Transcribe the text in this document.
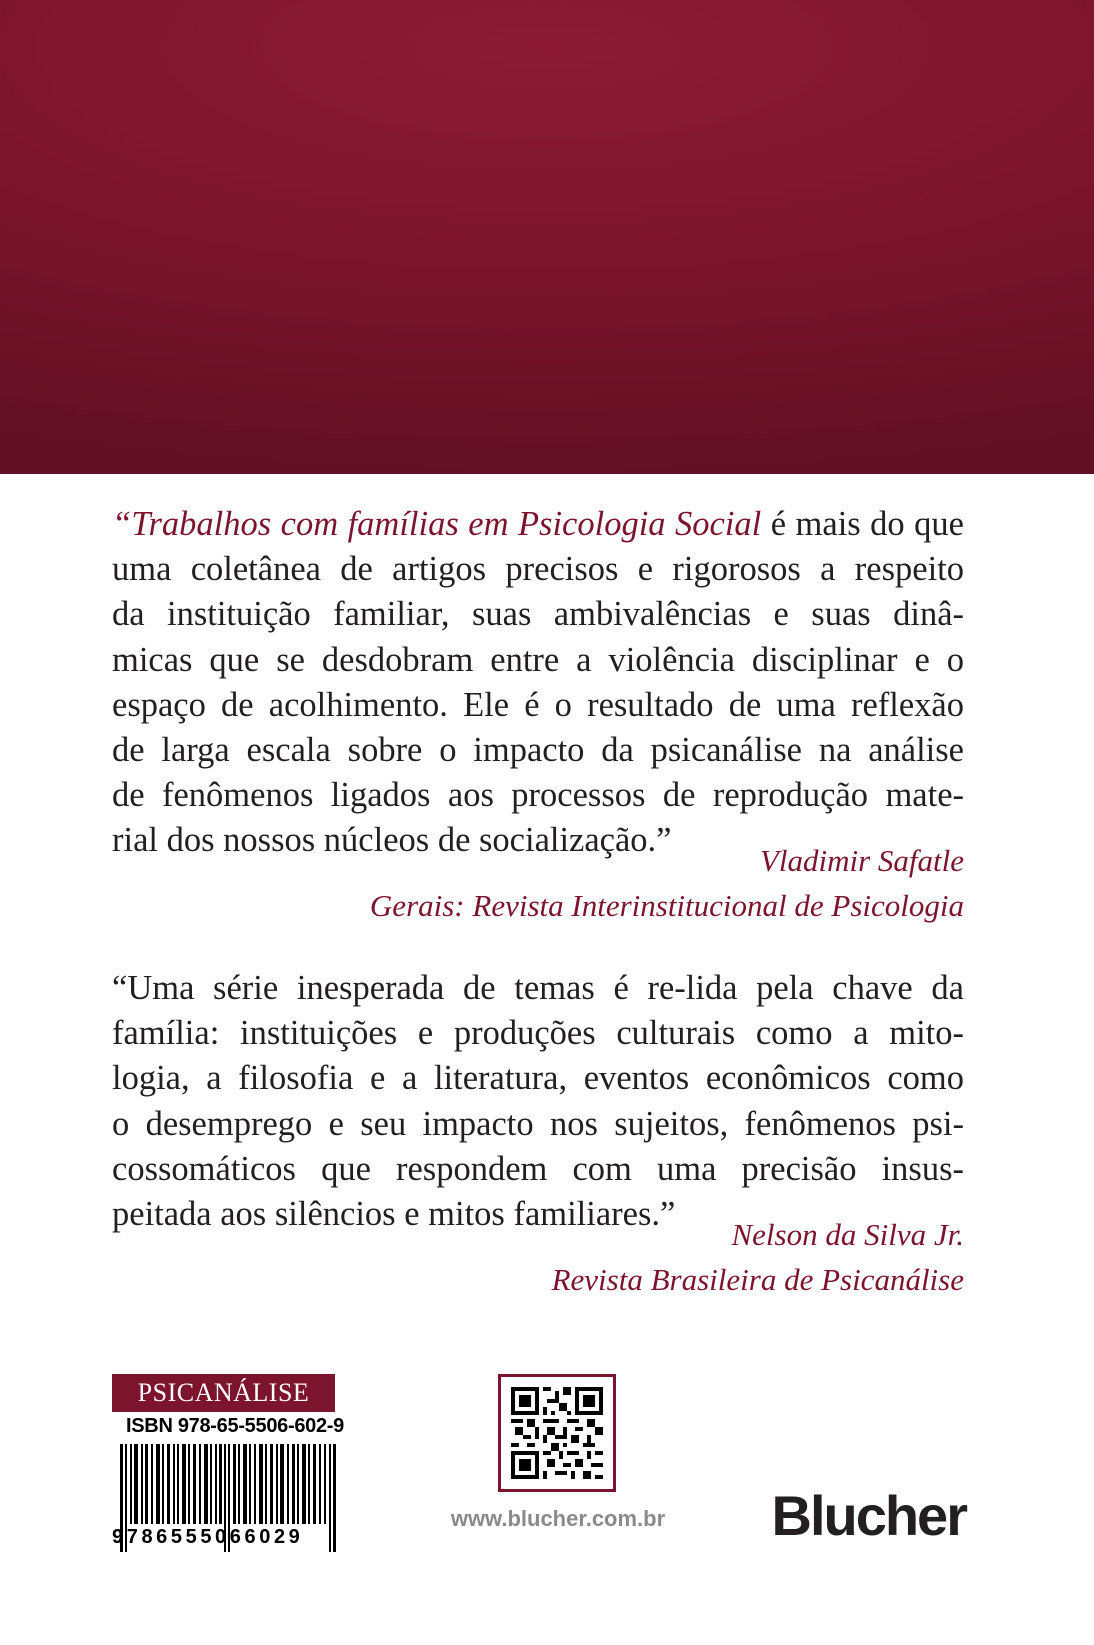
“Trabalhos com famílias em Psicologia Social é mais do que
uma coletânea de artigos precisos e rigorosos a respeito
da instituição familiar, suas ambivalências e suas dinâ-
micas que se desdobram entre a violência disciplinar e o
espaço de acolhimento. Ele é o resultado de uma reflexão
de larga escala sobre o impacto da psicanálise na análise
de fenômenos ligados aos processos de reprodução mate-
rial dos nossos núcleos de socialização.”
Vladimir Safatle
Gerais: Revista Interinstitucional de Psicologia
“Uma série inesperada de temas é re-lida pela chave da
família: instituições e produções culturais como a mito-
logia, a filosofia e a literatura, eventos econômicos como
o desemprego e seu impacto nos sujeitos, fenômenos psi-
cossomáticos que respondem com uma precisão insus-
peitada aos silêncios e mitos familiares.”
Nelson da Silva Jr.
Revista Brasileira de Psicanálise
PSICANÁLISE
ISBN 978-65-5506-602-9
9786555066029
www.blucher.com.br Blucher
